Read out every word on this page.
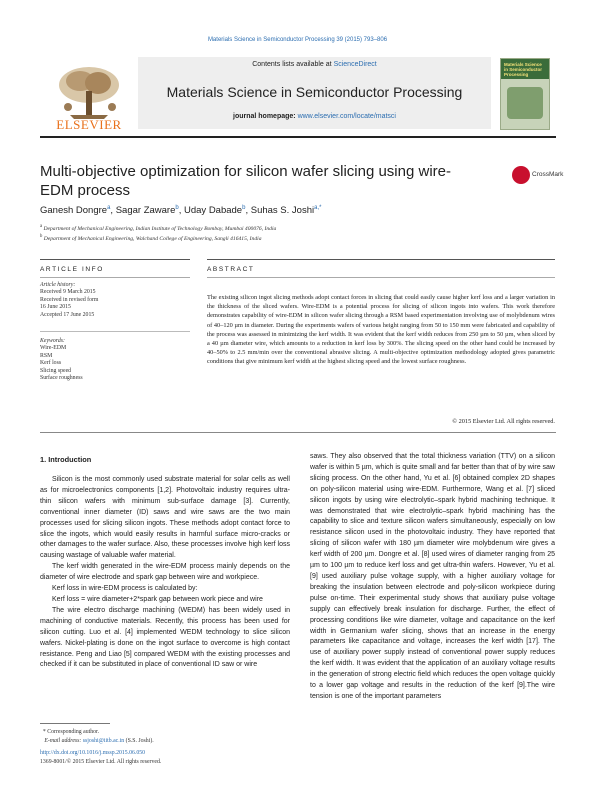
Materials Science in Semiconductor Processing 39 (2015) 793–806
ELSEVIER
Contents lists available at ScienceDirect
Materials Science in Semiconductor Processing
journal homepage: www.elsevier.com/locate/matsci
Materials Science in Semiconductor Processing
Multi-objective optimization for silicon wafer slicing using wire-EDM process
CrossMark
Ganesh Dongre$^a$, Sagar Zaware$^b$, Uday Dabade$^b$, Suhas S. Joshi$^{a,*}$
$^a$ Department of Mechanical Engineering, Indian Institute of Technology Bombay, Mumbai 400076, India
$^b$ Department of Mechanical Engineering, Walchand College of Engineering, Sangli 416415, India
ARTICLE INFO	ABSTRACT
Article history:
Received 9 March 2015
Received in revised form
16 June 2015
Accepted 17 June 2015
Keywords:
Wire-EDM
RSM
Kerf loss
Slicing speed
Surface roughness
The existing silicon ingot slicing methods adopt contact forces in slicing that could easily cause higher kerf loss and a larger variation in the thickness of the sliced wafers. Wire-EDM is a potential process for slicing of silicon ingots into wafers. This work therefore demonstrates capability of wire-EDM in silicon wafer slicing through a RSM based experimentation involving use of molybdenum wires of 40–120 µm in diameter. During the experiments wafers of various height ranging from 50 to 150 mm were fabricated and capability of the process was assessed in minimizing the kerf width. It was evident that the kerf width reduces from 250 µm to 50 µm, when sliced by a 40 µm diameter wire, which amounts to a reduction in kerf loss by 300%. The slicing speed on the other hand could be increased by 40–50% to 2.5 mm/min over the conventional abrasive slicing. A multi-objective optimization methodology adopted gives parametric conditions that give minimum kerf width at the highest slicing speed and the lowest surface roughness.
© 2015 Elsevier Ltd. All rights reserved.
1. Introduction

Silicon is the most commonly used substrate material for solar cells as well as for microelectronics components [1,2]. Photovoltaic industry requires ultra-thin silicon wafers with minimum sub-surface damage [3]. Currently, conventional inner diameter (ID) saws and wire saws are the two main processes used for slicing silicon ingots. These methods adopt contact force to slice the ingots, which would easily results in harmful surface micro-cracks or other damages to the wafer surface. Also, these processes involve high kerf loss causing wastage of valuable wafer material.

The kerf width generated in the wire-EDM process mainly depends on the diameter of wire electrode and spark gap between wire and workpiece.

Kerf loss in wire-EDM process is calculated by:

Kerf loss = wire diameter+2*spark gap between work piece and wire

The wire electro discharge machining (WEDM) has been widely used in machining of conductive materials. Recently, this process has been used for silicon cutting. Luo et al. [4] implemented WEDM technology to slice silicon wafers. Nickel-plating is done on the ingot surface to overcome is high contact resistance. Peng and Liao [5] compared WEDM with the existing processes and checked if it can be substituted in place of conventional ID saw or wire

saws. They also observed that the total thickness variation (TTV) on a silicon wafer is within 5 µm, which is quite small and far better than that of by wire saw slicing process. On the other hand, Yu et al. [6] obtained complex 2D shapes on poly-silicon material using wire-EDM. Furthermore, Wang et al. [7] sliced silicon ingots by using wire electrolytic–spark hybrid machining technique. It was demonstrated that wire electrolytic–spark hybrid machining has the capability to slice and texture silicon wafers simultaneously, especially on low resistance silicon used in the photovoltaic industry. They have reported that slicing of silicon wafer with 180 µm diameter wire molybdenum wire gives a kerf width of 200 µm. Dongre et al. [8] used wires of diameter ranging from 25 µm to 100 µm to reduce kerf loss and get ultra-thin wafers. However, Yu et al. [9] used auxiliary pulse voltage supply, with a higher auxiliary voltage for breaking the insulation between electrode and poly-silicon workpiece during pulse on-time. Their experimental study shows that auxiliary pulse voltage supply can effectively break insulation for discharge. Further, the effect of processing conditions like wire diameter, voltage and capacitance on the kerf width in Germanium wafer slicing, shows that an increase in the energy parameters like capacitance and voltage, increases the kerf width [17]. The use of auxiliary power supply instead of conventional power supply reduces the kerf width. It was evident that the application of an auxiliary voltage results in the generation of strong electric field which reduces the open voltage quickly to a lower gap voltage and results in the reduction of the kerf [9].The wire tension is one of the important parameters

* Corresponding author.
E-mail address: ssjoshi@iitb.ac.in (S.S. Joshi).
http://dx.doi.org/10.1016/j.mssp.2015.06.050
1369-8001/© 2015 Elsevier Ltd. All rights reserved.
